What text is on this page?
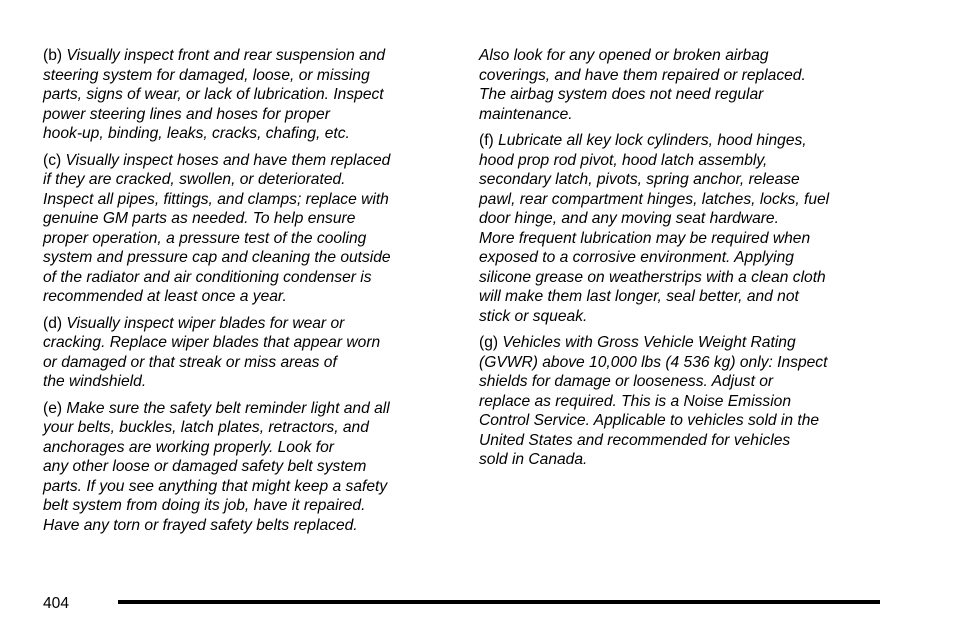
(b) Visually inspect front and rear suspension and
steering system for damaged, loose, or missing
parts, signs of wear, or lack of lubrication. Inspect
power steering lines and hoses for proper
hook-up, binding, leaks, cracks, chafing, etc.

(c) Visually inspect hoses and have them replaced
if they are cracked, swollen, or deteriorated.
Inspect all pipes, fittings, and clamps; replace with
genuine GM parts as needed. To help ensure
proper operation, a pressure test of the cooling
system and pressure cap and cleaning the outside
of the radiator and air conditioning condenser is
recommended at least once a year.

(d) Visually inspect wiper blades for wear or
cracking. Replace wiper blades that appear worn
or damaged or that streak or miss areas of
the windshield.

(e) Make sure the safety belt reminder light and all
your belts, buckles, latch plates, retractors, and
anchorages are working properly. Look for
any other loose or damaged safety belt system
parts. If you see anything that might keep a safety
belt system from doing its job, have it repaired.
Have any torn or frayed safety belts replaced.

Also look for any opened or broken airbag
coverings, and have them repaired or replaced.
The airbag system does not need regular
maintenance.

(f) Lubricate all key lock cylinders, hood hinges,
hood prop rod pivot, hood latch assembly,
secondary latch, pivots, spring anchor, release
pawl, rear compartment hinges, latches, locks, fuel
door hinge, and any moving seat hardware.
More frequent lubrication may be required when
exposed to a corrosive environment. Applying
silicone grease on weatherstrips with a clean cloth
will make them last longer, seal better, and not
stick or squeak.

(g) Vehicles with Gross Vehicle Weight Rating
(GVWR) above 10,000 lbs (4 536 kg) only: Inspect
shields for damage or looseness. Adjust or
replace as required. This is a Noise Emission
Control Service. Applicable to vehicles sold in the
United States and recommended for vehicles
sold in Canada.

404
